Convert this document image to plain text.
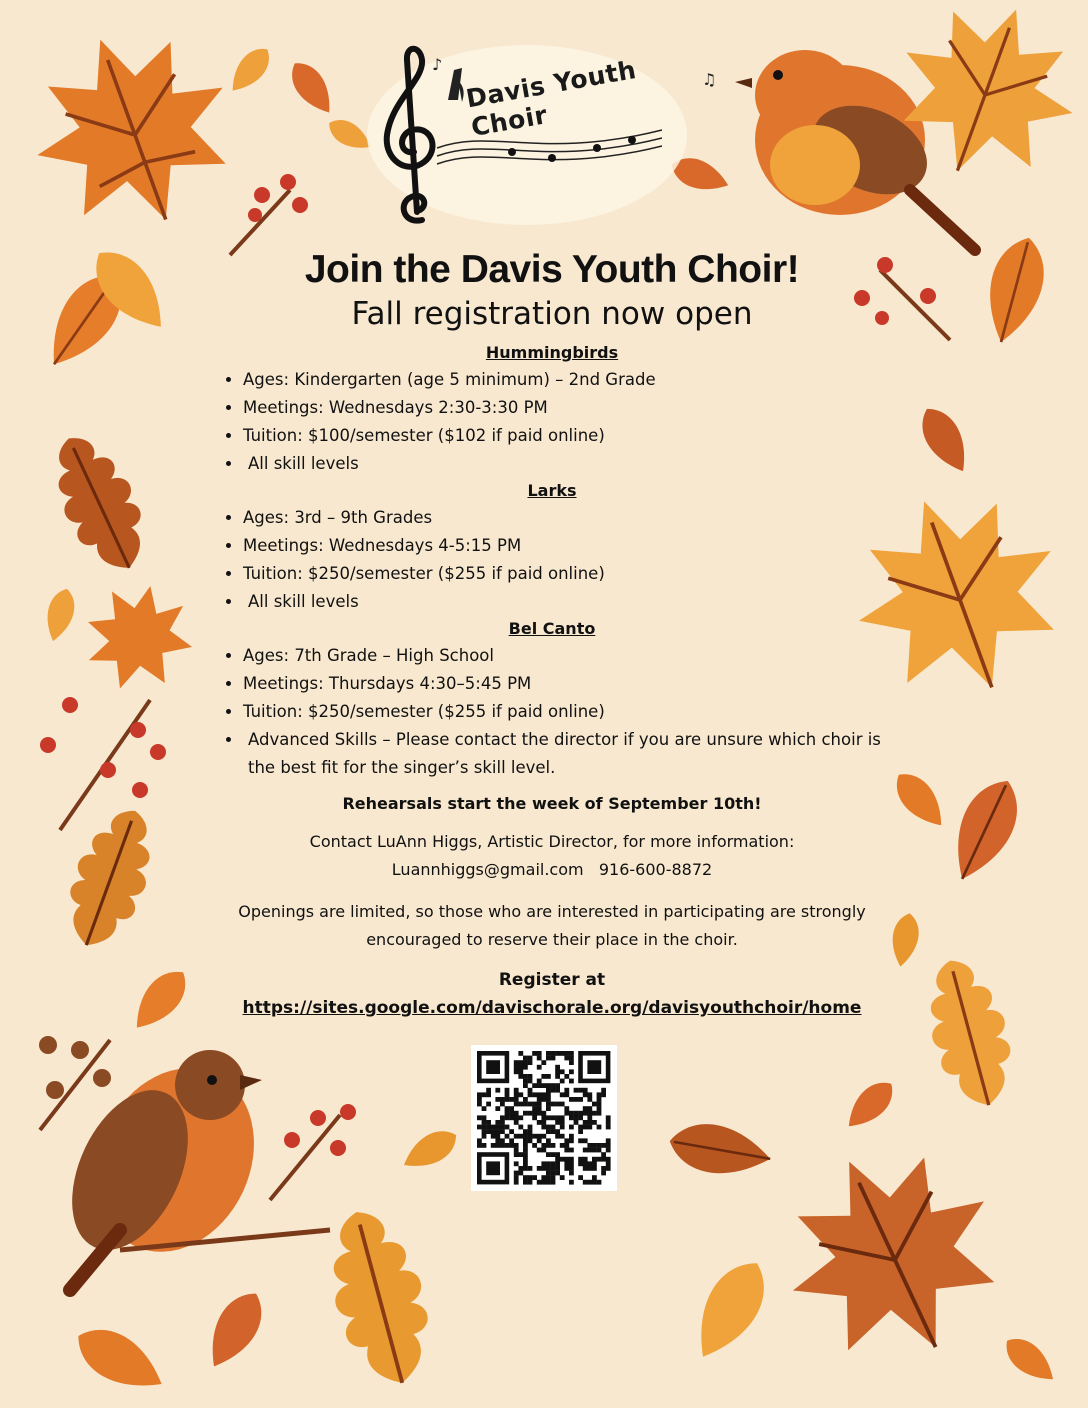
♪
♫
Davis Youth Choir
Join the Davis Youth Choir!
Fall registration now open
Hummingbirds
• Ages: Kindergarten (age 5 minimum) – 2nd Grade
• Meetings: Wednesdays 2:30-3:30 PM
• Tuition: $100/semester ($102 if paid online)
• All skill levels
Larks
• Ages: 3rd – 9th Grades
• Meetings: Wednesdays 4-5:15 PM
• Tuition: $250/semester ($255 if paid online)
• All skill levels
Bel Canto
• Ages: 7th Grade – High School
• Meetings: Thursdays 4:30–5:45 PM
• Tuition: $250/semester ($255 if paid online)
• Advanced Skills – Please contact the director if you are unsure which choir is the best fit for the singer’s skill level.

Rehearsals start the week of September 10th!

Contact LuAnn Higgs, Artistic Director, for more information:
Luannhiggs@gmail.com 916-600-8872

Openings are limited, so those who are interested in participating are strongly encouraged to reserve their place in the choir.

Register at

https://sites.google.com/davischorale.org/davisyouthchoir/home
